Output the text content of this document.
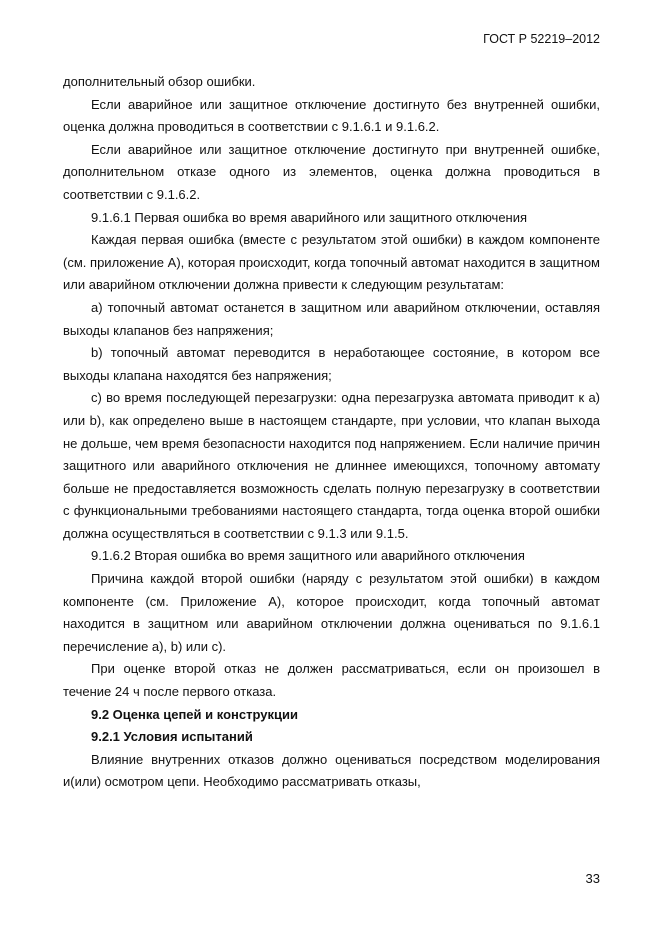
ГОСТ Р 52219–2012

дополнительный обзор ошибки.

Если аварийное или защитное отключение достигнуто без внутренней ошибки, оценка должна проводиться в соответствии с 9.1.6.1 и 9.1.6.2.

Если аварийное или защитное отключение достигнуто при внутренней ошибке, дополнительном отказе одного из элементов, оценка должна проводиться в соответствии с 9.1.6.2.

9.1.6.1 Первая ошибка во время аварийного или защитного отключения

Каждая первая ошибка (вместе с результатом этой ошибки) в каждом компоненте (см. приложение А), которая происходит, когда топочный автомат находится в защитном или аварийном отключении должна привести к следующим результатам:

a) топочный автомат останется в защитном или аварийном отключении, оставляя выходы клапанов без напряжения;

b) топочный автомат переводится в неработающее состояние, в котором все выходы клапана находятся без напряжения;

c) во время последующей перезагрузки: одна перезагрузка автомата приводит к a) или b), как определено выше в настоящем стандарте, при условии, что клапан выхода не дольше, чем время безопасности находится под напряжением. Если наличие причин защитного или аварийного отключения не длиннее имеющихся, топочному автомату больше не предоставляется возможность сделать полную перезагрузку в соответствии с функциональными требованиями настоящего стандарта, тогда оценка второй ошибки должна осуществляться в соответствии с 9.1.3 или 9.1.5.

9.1.6.2 Вторая ошибка во время защитного или аварийного отключения

Причина каждой второй ошибки (наряду с результатом этой ошибки) в каждом компоненте (см. Приложение А), которое происходит, когда топочный автомат находится в защитном или аварийном отключении должна оцениваться по 9.1.6.1 перечисление а), b) или c).

При оценке второй отказ не должен рассматриваться, если он произошел в течение 24 ч после первого отказа.

9.2 Оценка цепей и конструкции

9.2.1 Условия испытаний

Влияние внутренних отказов должно оцениваться посредством моделирования и(или) осмотром цепи. Необходимо рассматривать отказы,

33
